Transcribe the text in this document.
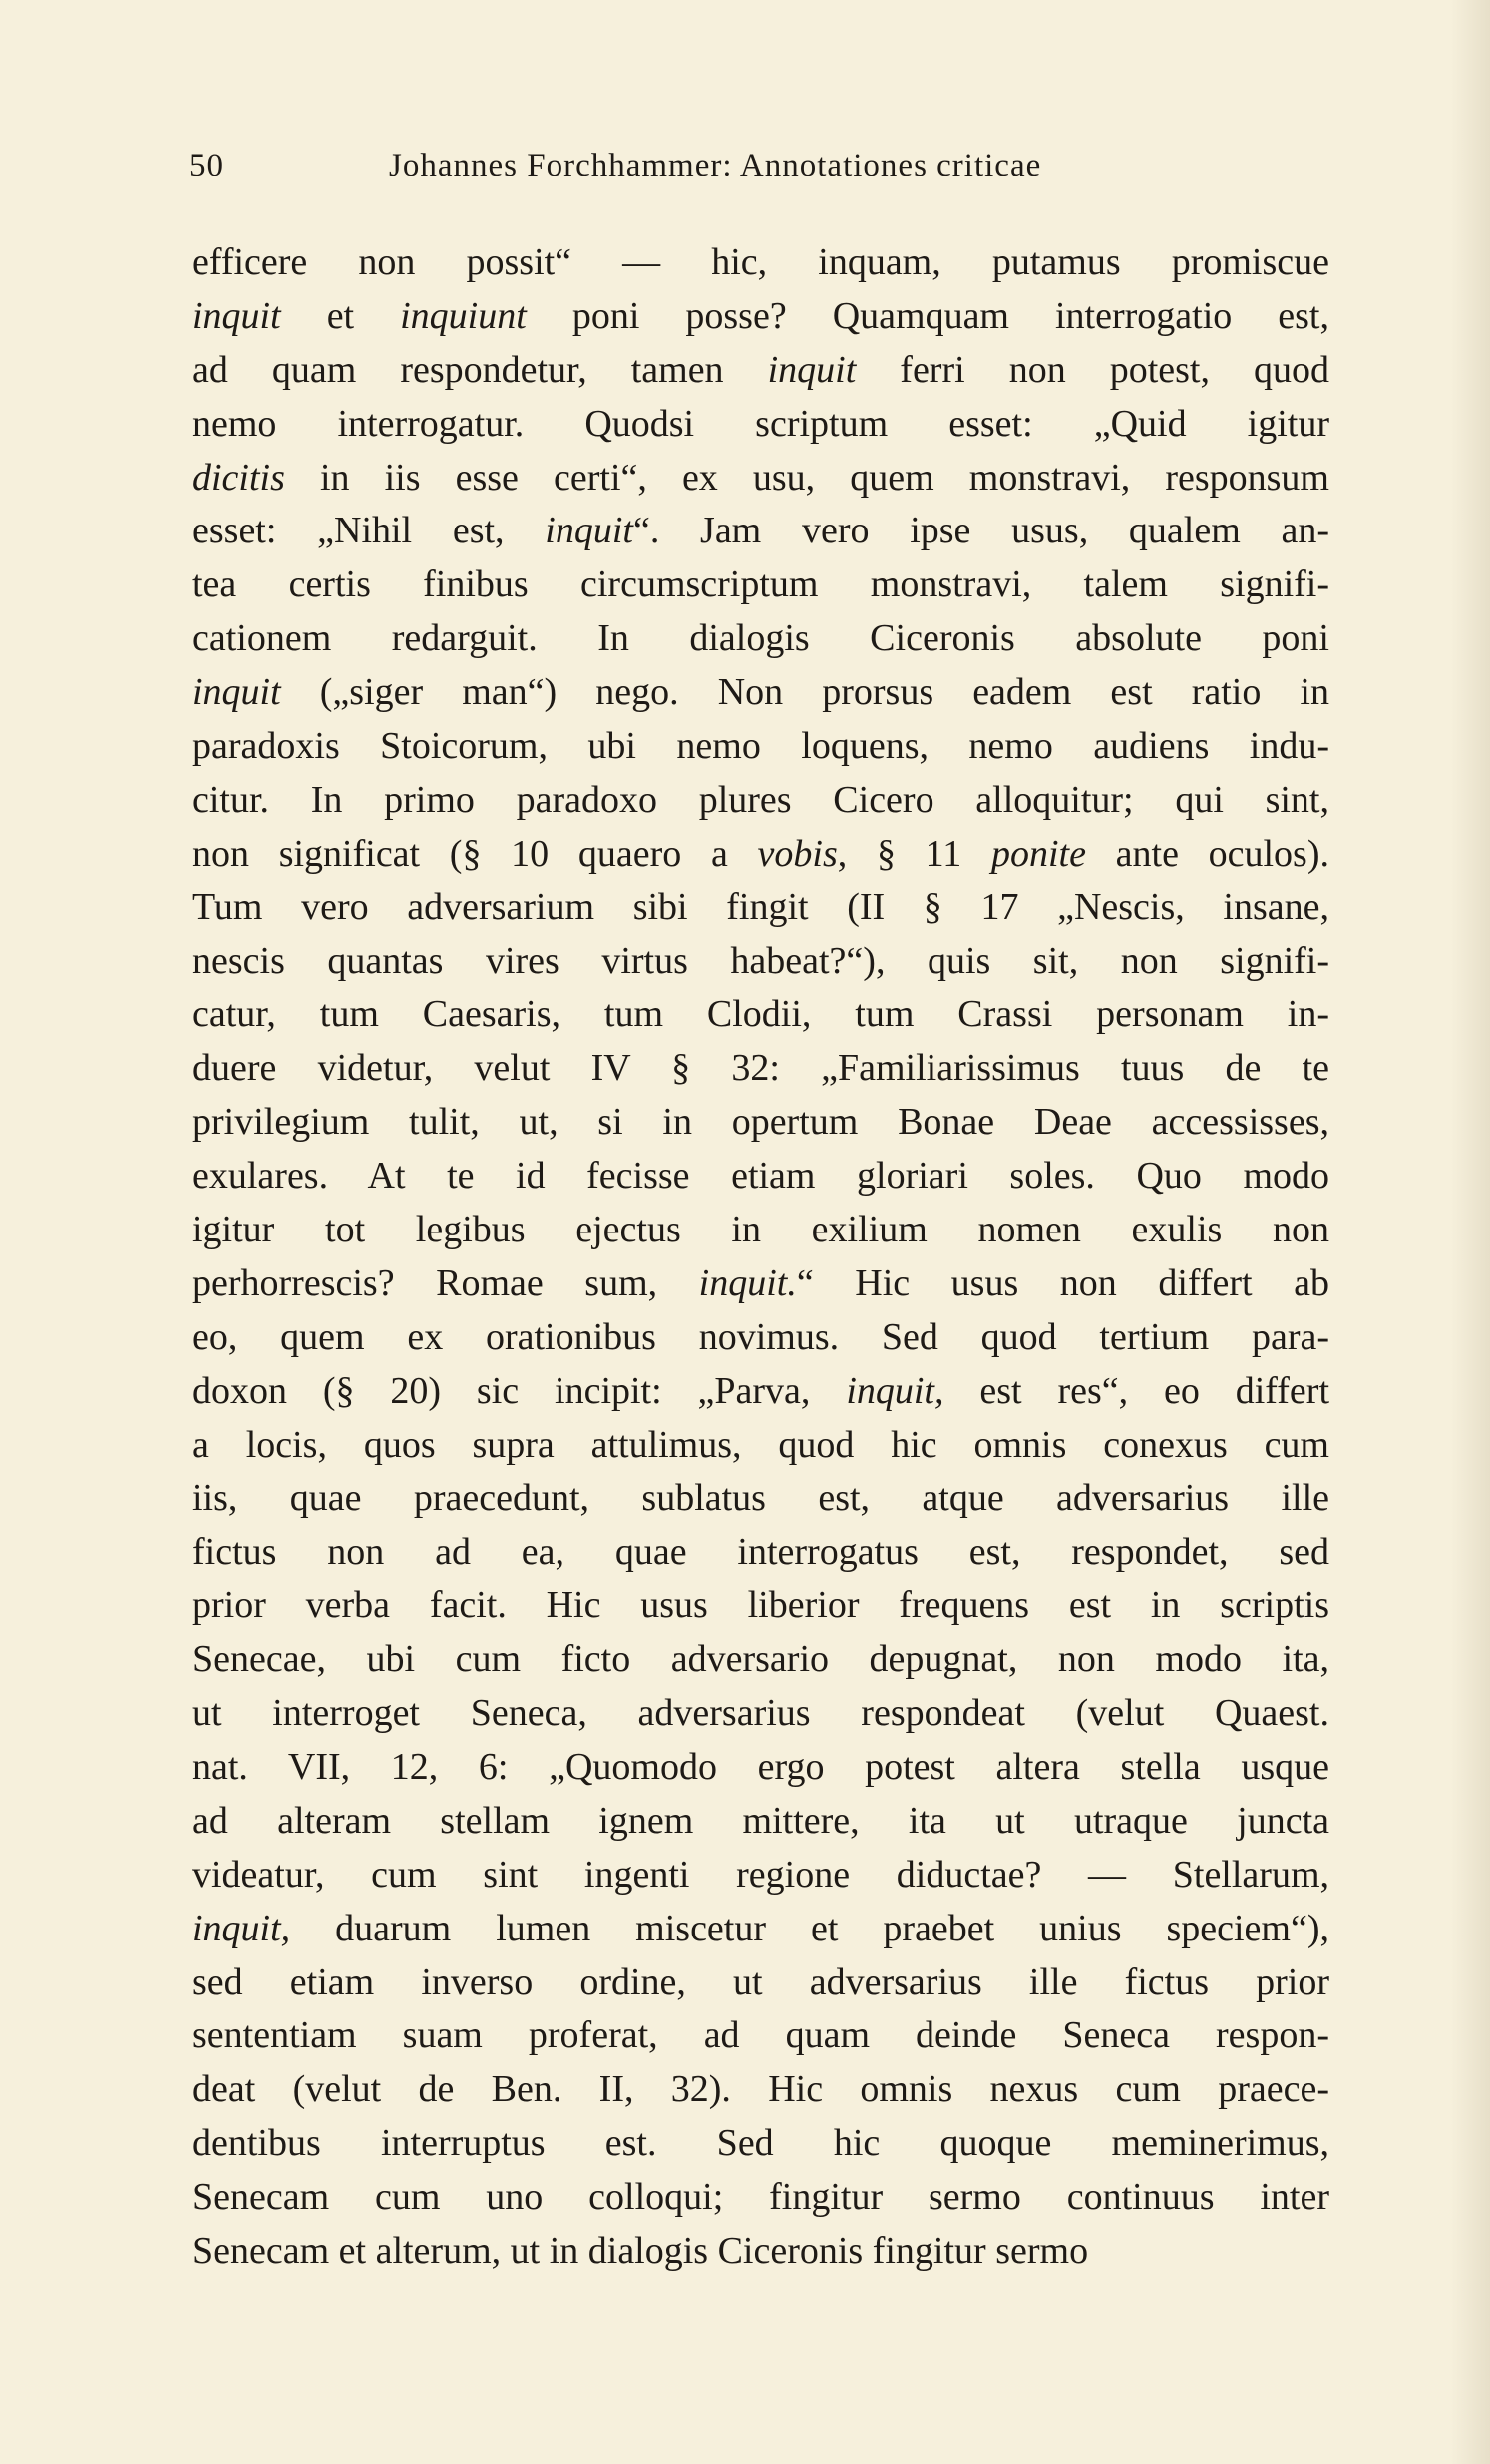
50	Johannes Forchhammer: Annotationes criticae
efficere non possit“ — hic, inquam, putamus promiscue
inquit et inquiunt poni posse? Quamquam interrogatio est,
ad quam respondetur, tamen inquit ferri non potest, quod
nemo interrogatur. Quodsi scriptum esset: „Quid igitur
dicitis in iis esse certi“, ex usu, quem monstravi, responsum
esset: „Nihil est, inquit“. Jam vero ipse usus, qualem an-
tea certis finibus circumscriptum monstravi, talem signifi-
cationem redarguit. In dialogis Ciceronis absolute poni
inquit („siger man“) nego. Non prorsus eadem est ratio in
paradoxis Stoicorum, ubi nemo loquens, nemo audiens indu-
citur. In primo paradoxo plures Cicero alloquitur; qui sint,
non significat (§ 10 quaero a vobis, § 11 ponite ante oculos).
Tum vero adversarium sibi fingit (II § 17 „Nescis, insane,
nescis quantas vires virtus habeat?“), quis sit, non signifi-
catur, tum Caesaris, tum Clodii, tum Crassi personam in-
duere videtur, velut IV § 32: „Familiarissimus tuus de te
privilegium tulit, ut, si in opertum Bonae Deae accessisses,
exulares. At te id fecisse etiam gloriari soles. Quo modo
igitur tot legibus ejectus in exilium nomen exulis non
perhorrescis? Romae sum, inquit.“ Hic usus non differt ab
eo, quem ex orationibus novimus. Sed quod tertium para-
doxon (§ 20) sic incipit: „Parva, inquit, est res“, eo differt
a locis, quos supra attulimus, quod hic omnis conexus cum
iis, quae praecedunt, sublatus est, atque adversarius ille
fictus non ad ea, quae interrogatus est, respondet, sed
prior verba facit. Hic usus liberior frequens est in scriptis
Senecae, ubi cum ficto adversario depugnat, non modo ita,
ut interroget Seneca, adversarius respondeat (velut Quaest.
nat. VII, 12, 6: „Quomodo ergo potest altera stella usque
ad alteram stellam ignem mittere, ita ut utraque juncta
videatur, cum sint ingenti regione diductae? — Stellarum,
inquit, duarum lumen miscetur et praebet unius speciem“),
sed etiam inverso ordine, ut adversarius ille fictus prior
sententiam suam proferat, ad quam deinde Seneca respon-
deat (velut de Ben. II, 32). Hic omnis nexus cum praece-
dentibus interruptus est. Sed hic quoque meminerimus,
Senecam cum uno colloqui; fingitur sermo continuus inter
Senecam et alterum, ut in dialogis Ciceronis fingitur sermo
